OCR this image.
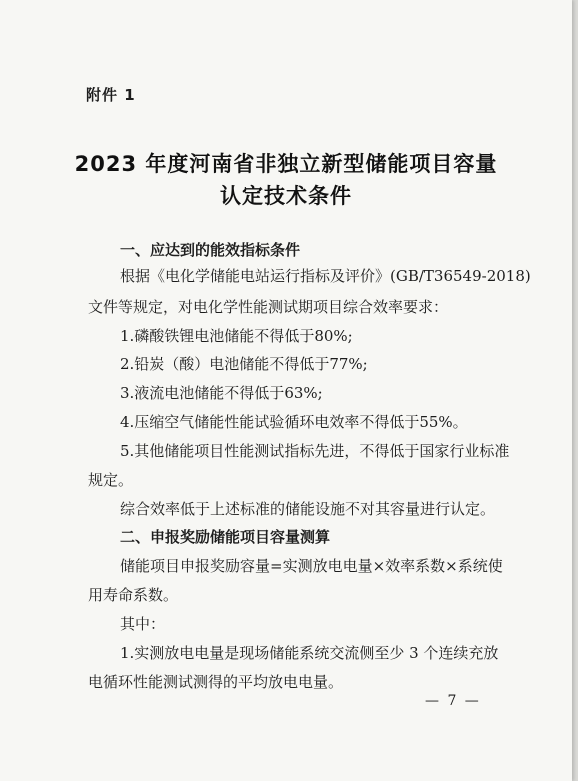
附件 1
2023 年度河南省非独立新型储能项目容量
认定技术条件
一、应达到的能效指标条件
根据《电化学储能电站运行指标及评价》(GB/T36549-2018)
文件等规定，对电化学性能测试期项目综合效率要求：
1.磷酸铁锂电池储能不得低于80%;
2.铅炭（酸）电池储能不得低于77%;
3.液流电池储能不得低于63%;
4.压缩空气储能性能试验循环电效率不得低于55%。
5.其他储能项目性能测试指标先进，不得低于国家行业标准
规定。
综合效率低于上述标准的储能设施不对其容量进行认定。
二、申报奖励储能项目容量测算
储能项目申报奖励容量=实测放电电量×效率系数×系统使
用寿命系数。
其中：
1.实测放电电量是现场储能系统交流侧至少 3 个连续充放
电循环性能测试测得的平均放电电量。
— 7 —
